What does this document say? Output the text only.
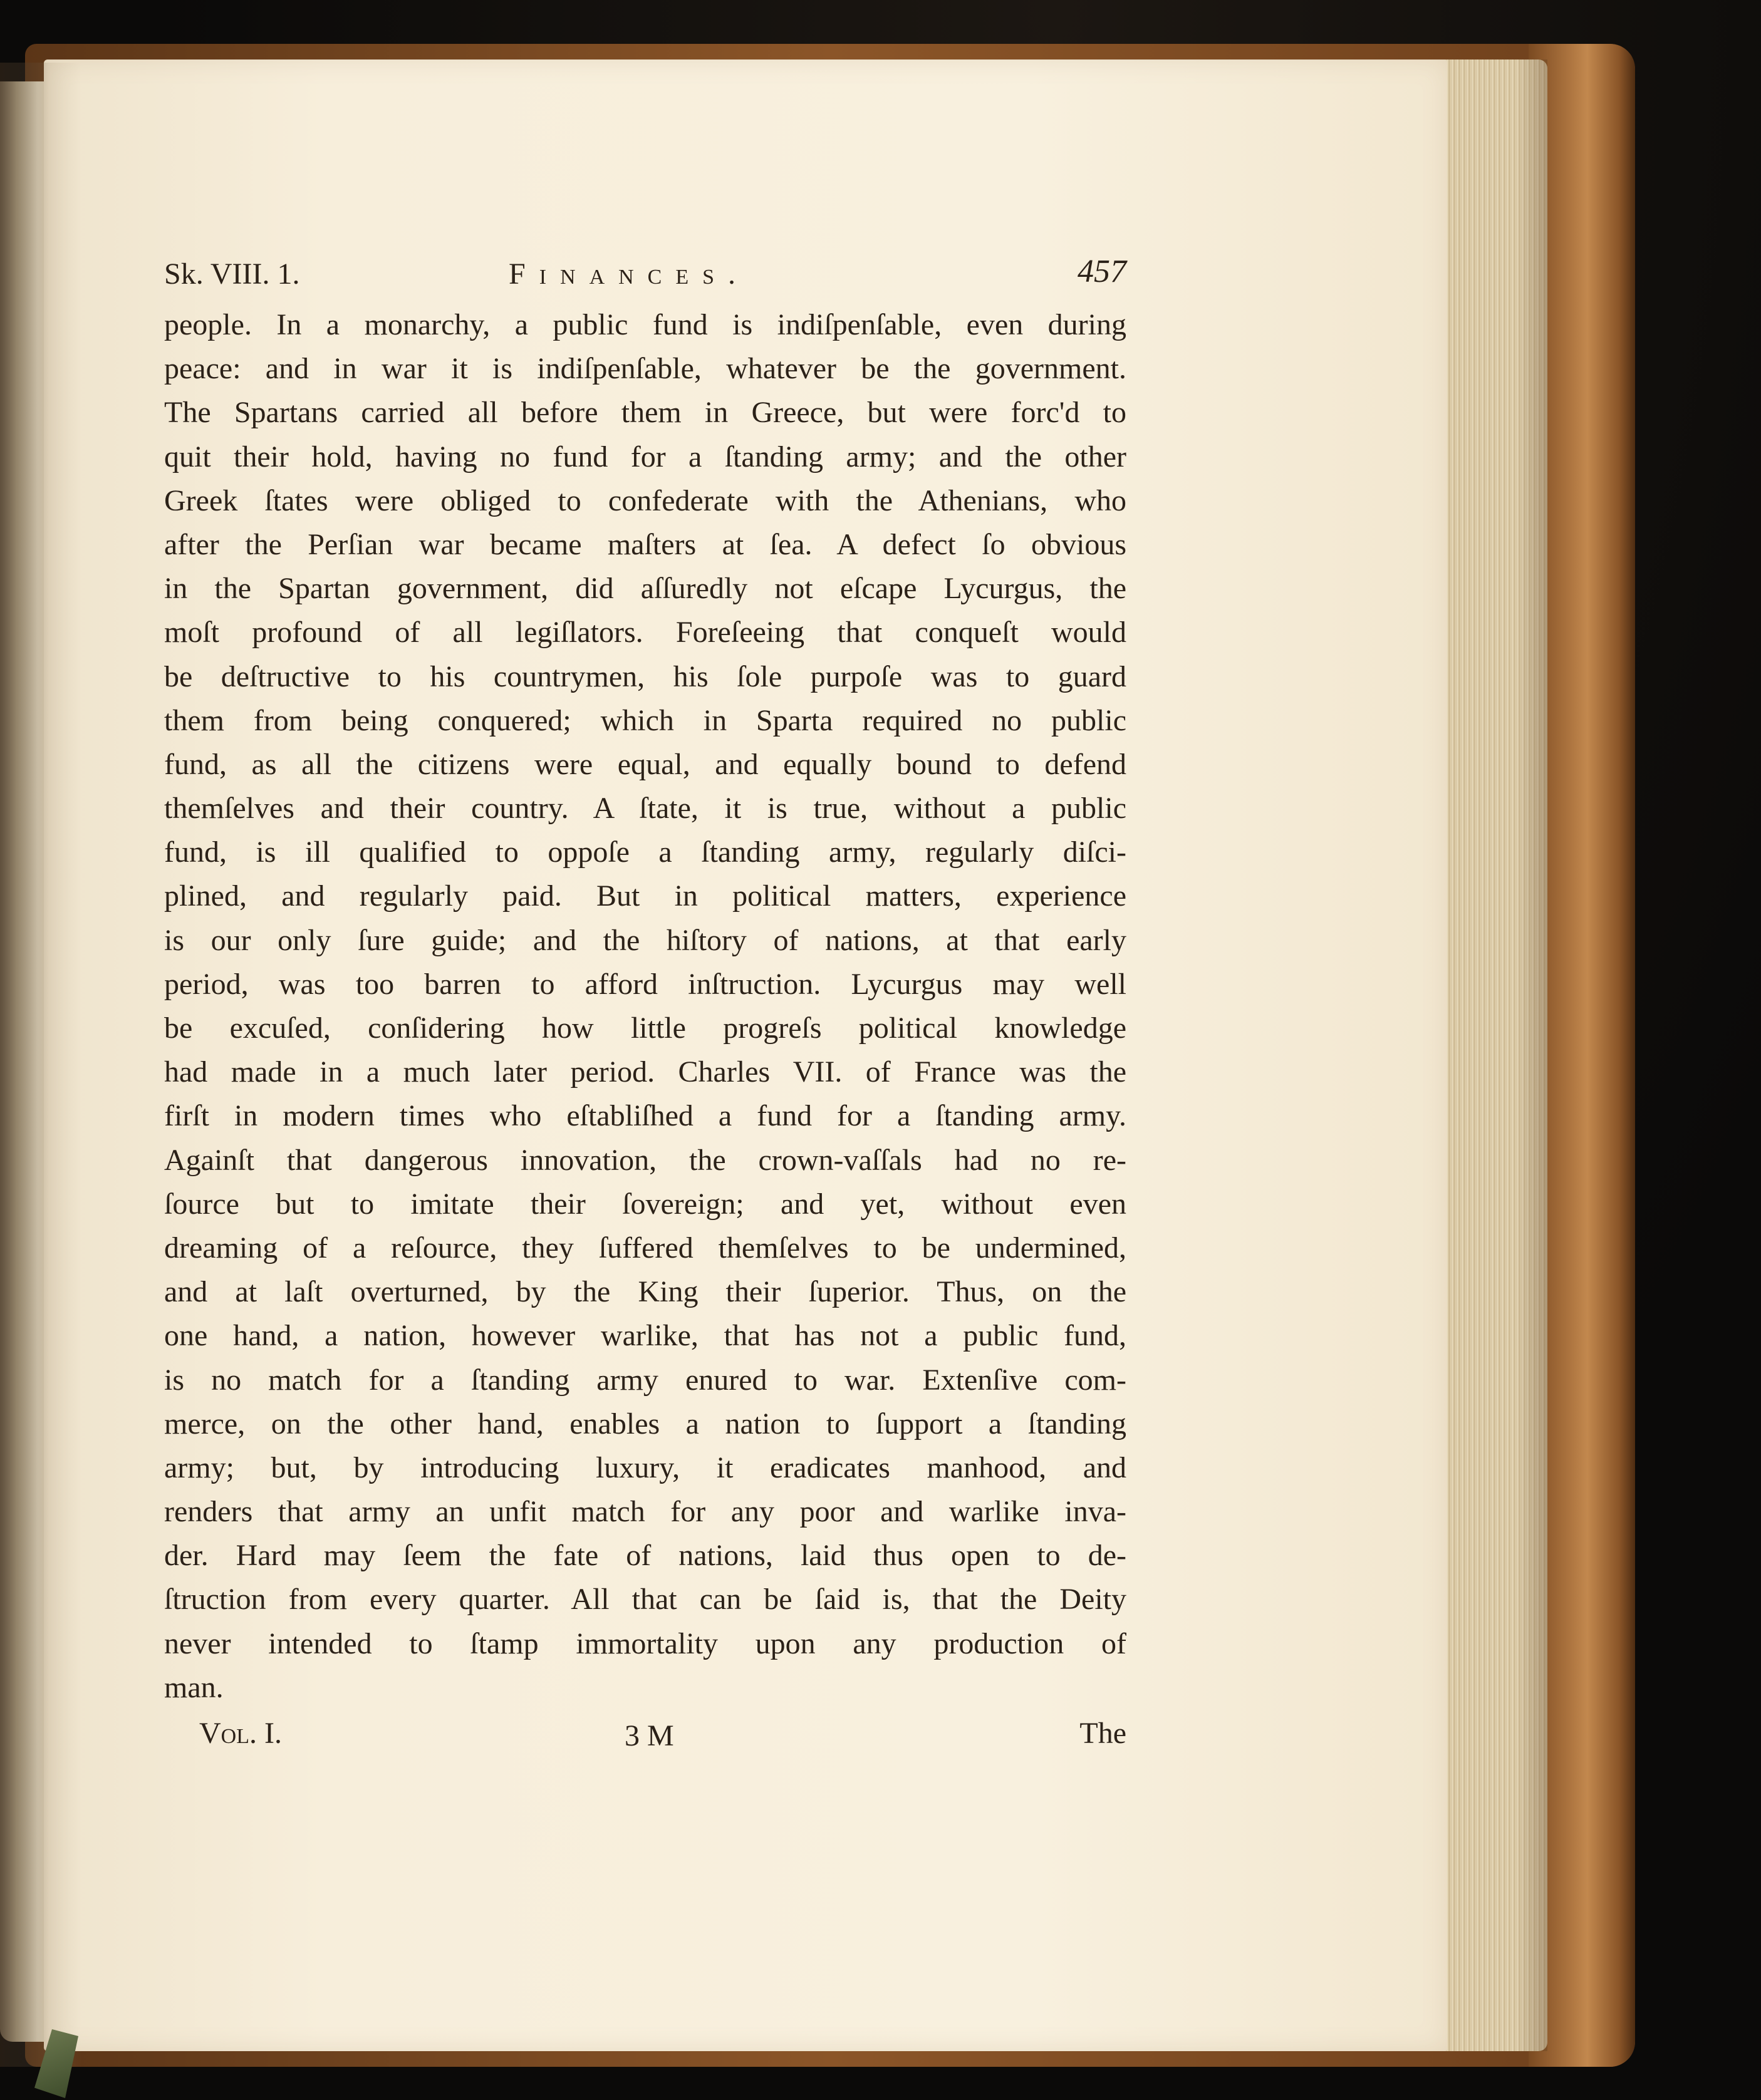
Sk. VIII. 1.	Finances.	457
people. In a monarchy, a public fund is indiſpenſable, even during
peace: and in war it is indiſpenſable, whatever be the government.
The Spartans carried all before them in Greece, but were forc'd to
quit their hold, having no fund for a ſtanding army; and the other
Greek ſtates were obliged to confederate with the Athenians, who
after the Perſian war became maſters at ſea. A defect ſo obvious
in the Spartan government, did aſſuredly not eſcape Lycurgus, the
moſt profound of all legiſlators. Foreſeeing that conqueſt would
be deſtructive to his countrymen, his ſole purpoſe was to guard
them from being conquered; which in Sparta required no public
fund, as all the citizens were equal, and equally bound to defend
themſelves and their country. A ſtate, it is true, without a public
fund, is ill qualified to oppoſe a ſtanding army, regularly diſci-
plined, and regularly paid. But in political matters, experience
is our only ſure guide; and the hiſtory of nations, at that early
period, was too barren to afford inſtruction. Lycurgus may well
be excuſed, conſidering how little progreſs political knowledge
had made in a much later period. Charles VII. of France was the
firſt in modern times who eſtabliſhed a fund for a ſtanding army.
Againſt that dangerous innovation, the crown-vaſſals had no re-
ſource but to imitate their ſovereign; and yet, without even
dreaming of a reſource, they ſuffered themſelves to be undermined,
and at laſt overturned, by the King their ſuperior. Thus, on the
one hand, a nation, however warlike, that has not a public fund,
is no match for a ſtanding army enured to war. Extenſive com-
merce, on the other hand, enables a nation to ſupport a ſtanding
army; but, by introducing luxury, it eradicates manhood, and
renders that army an unfit match for any poor and warlike inva-
der. Hard may ſeem the fate of nations, laid thus open to de-
ſtruction from every quarter. All that can be ſaid is, that the Deity
never intended to ſtamp immortality upon any production of
man.
Vol. I.	3 M	The
